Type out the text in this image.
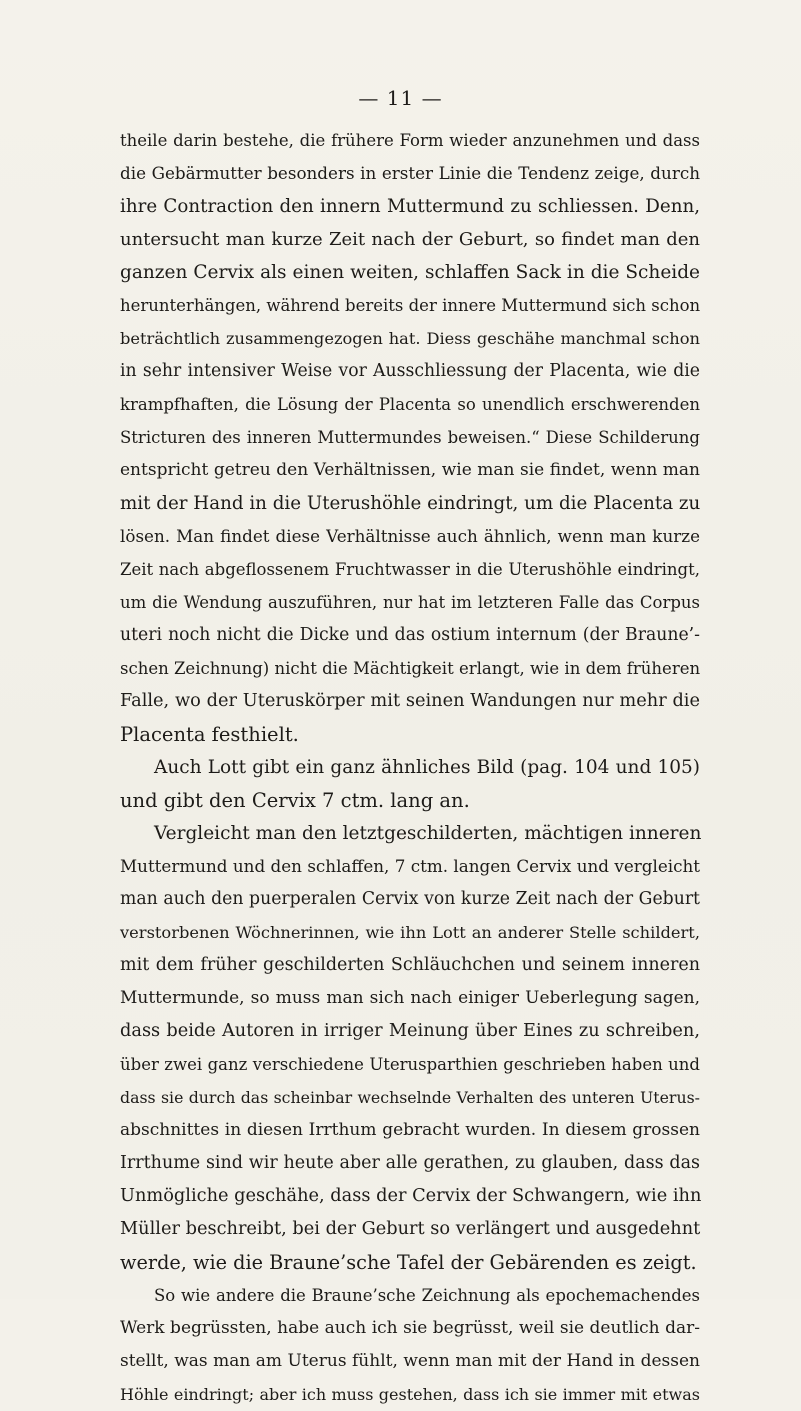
— 11 —
theile darin bestehe, die frühere Form wieder anzunehmen und dass
die Gebärmutter besonders in erster Linie die Tendenz zeige, durch
ihre Contraction den innern Muttermund zu schliessen. Denn,
untersucht man kurze Zeit nach der Geburt, so findet man den
ganzen Cervix als einen weiten, schlaffen Sack in die Scheide
herunterhängen, während bereits der innere Muttermund sich schon
beträchtlich zusammengezogen hat. Diess geschähe manchmal schon
in sehr intensiver Weise vor Ausschliessung der Placenta, wie die
krampfhaften, die Lösung der Placenta so unendlich erschwerenden
Stricturen des inneren Muttermundes beweisen.“ Diese Schilderung
entspricht getreu den Verhältnissen, wie man sie findet, wenn man
mit der Hand in die Uterushöhle eindringt, um die Placenta zu
lösen. Man findet diese Verhältnisse auch ähnlich, wenn man kurze
Zeit nach abgeflossenem Fruchtwasser in die Uterushöhle eindringt,
um die Wendung auszuführen, nur hat im letzteren Falle das Corpus
uteri noch nicht die Dicke und das ostium internum (der Braune’-
schen Zeichnung) nicht die Mächtigkeit erlangt, wie in dem früheren
Falle, wo der Uteruskörper mit seinen Wandungen nur mehr die
Placenta festhielt.
Auch Lott gibt ein ganz ähnliches Bild (pag. 104 und 105)
und gibt den Cervix 7 ctm. lang an.
Vergleicht man den letztgeschilderten, mächtigen inneren
Muttermund und den schlaffen, 7 ctm. langen Cervix und vergleicht
man auch den puerperalen Cervix von kurze Zeit nach der Geburt
verstorbenen Wöchnerinnen, wie ihn Lott an anderer Stelle schildert,
mit dem früher geschilderten Schläuchchen und seinem inneren
Muttermunde, so muss man sich nach einiger Ueberlegung sagen,
dass beide Autoren in irriger Meinung über Eines zu schreiben,
über zwei ganz verschiedene Uterusparthien geschrieben haben und
dass sie durch das scheinbar wechselnde Verhalten des unteren Uterus-
abschnittes in diesen Irrthum gebracht wurden. In diesem grossen
Irrthume sind wir heute aber alle gerathen, zu glauben, dass das
Unmögliche geschähe, dass der Cervix der Schwangern, wie ihn
Müller beschreibt, bei der Geburt so verlängert und ausgedehnt
werde, wie die Braune’sche Tafel der Gebärenden es zeigt.
So wie andere die Braune’sche Zeichnung als epochemachendes
Werk begrüssten, habe auch ich sie begrüsst, weil sie deutlich dar-
stellt, was man am Uterus fühlt, wenn man mit der Hand in dessen
Höhle eindringt; aber ich muss gestehen, dass ich sie immer mit etwas
